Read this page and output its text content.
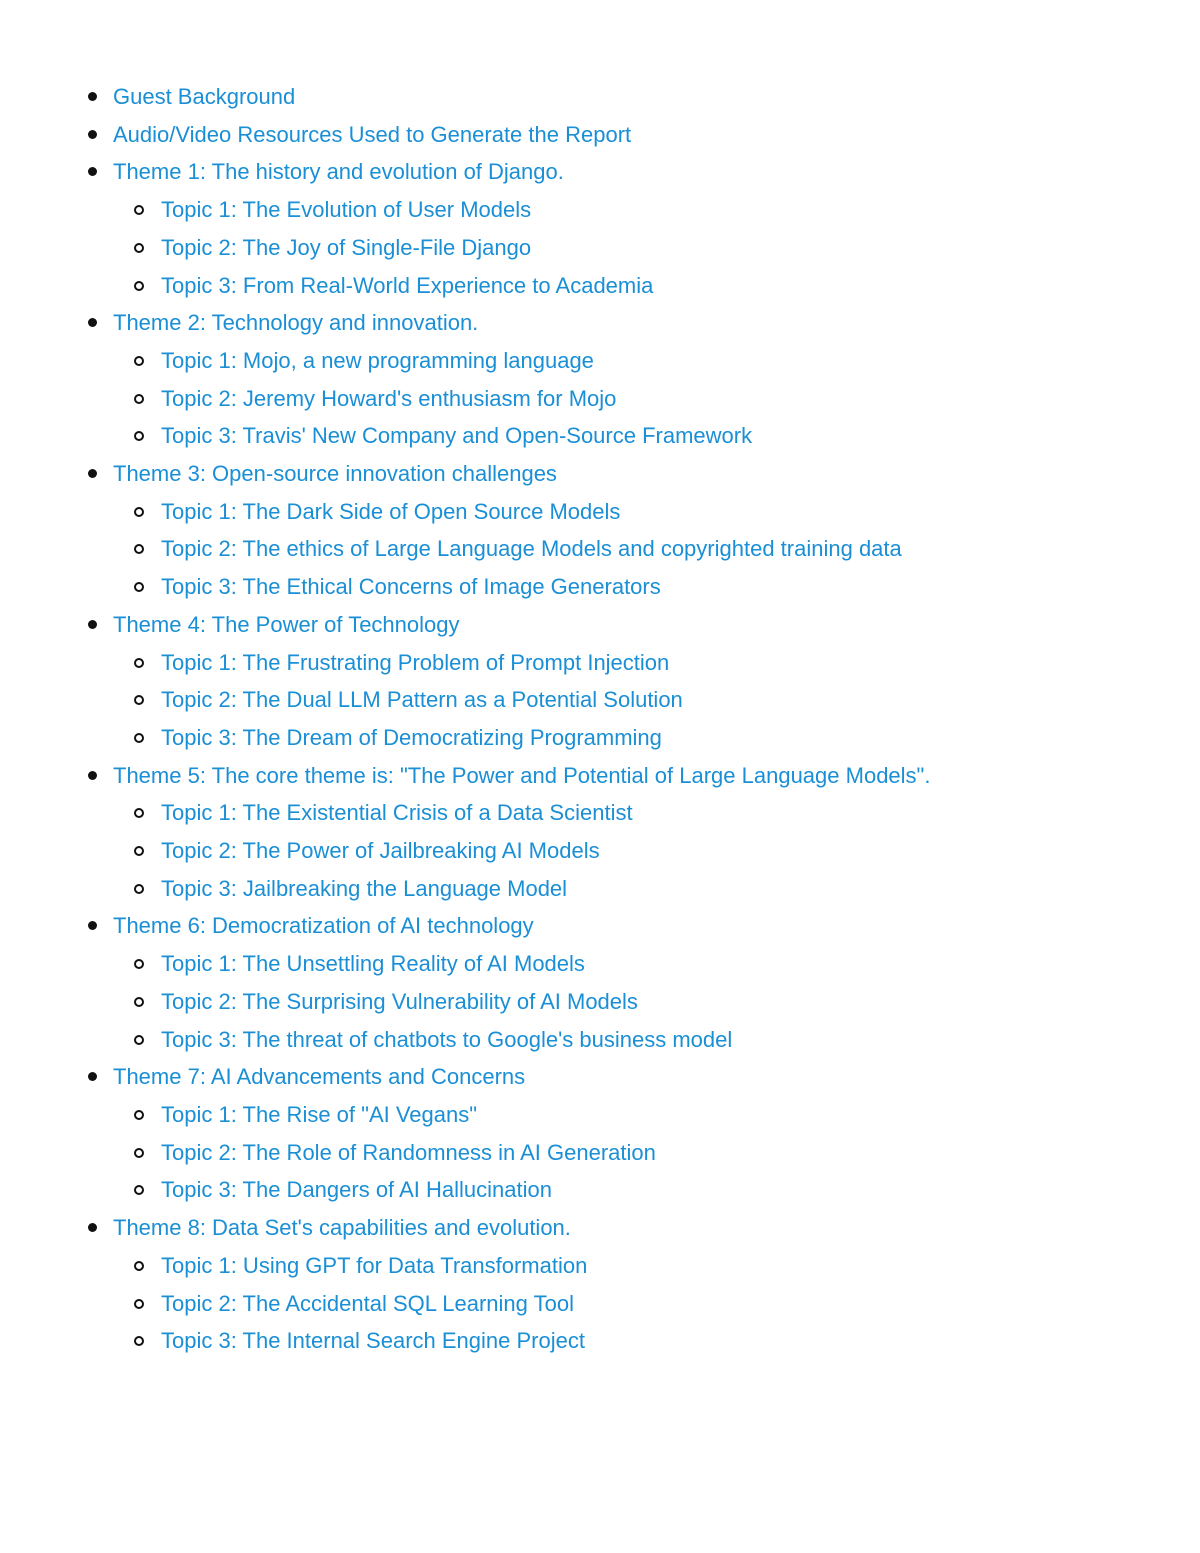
Guest Background
Audio/Video Resources Used to Generate the Report
Theme 1: The history and evolution of Django.
Topic 1: The Evolution of User Models
Topic 2: The Joy of Single-File Django
Topic 3: From Real-World Experience to Academia
Theme 2: Technology and innovation.
Topic 1: Mojo, a new programming language
Topic 2: Jeremy Howard's enthusiasm for Mojo
Topic 3: Travis' New Company and Open-Source Framework
Theme 3: Open-source innovation challenges
Topic 1: The Dark Side of Open Source Models
Topic 2: The ethics of Large Language Models and copyrighted training data
Topic 3: The Ethical Concerns of Image Generators
Theme 4: The Power of Technology
Topic 1: The Frustrating Problem of Prompt Injection
Topic 2: The Dual LLM Pattern as a Potential Solution
Topic 3: The Dream of Democratizing Programming
Theme 5: The core theme is: "The Power and Potential of Large Language Models".
Topic 1: The Existential Crisis of a Data Scientist
Topic 2: The Power of Jailbreaking AI Models
Topic 3: Jailbreaking the Language Model
Theme 6: Democratization of AI technology
Topic 1: The Unsettling Reality of AI Models
Topic 2: The Surprising Vulnerability of AI Models
Topic 3: The threat of chatbots to Google's business model
Theme 7: AI Advancements and Concerns
Topic 1: The Rise of "AI Vegans"
Topic 2: The Role of Randomness in AI Generation
Topic 3: The Dangers of AI Hallucination
Theme 8: Data Set's capabilities and evolution.
Topic 1: Using GPT for Data Transformation
Topic 2: The Accidental SQL Learning Tool
Topic 3: The Internal Search Engine Project
